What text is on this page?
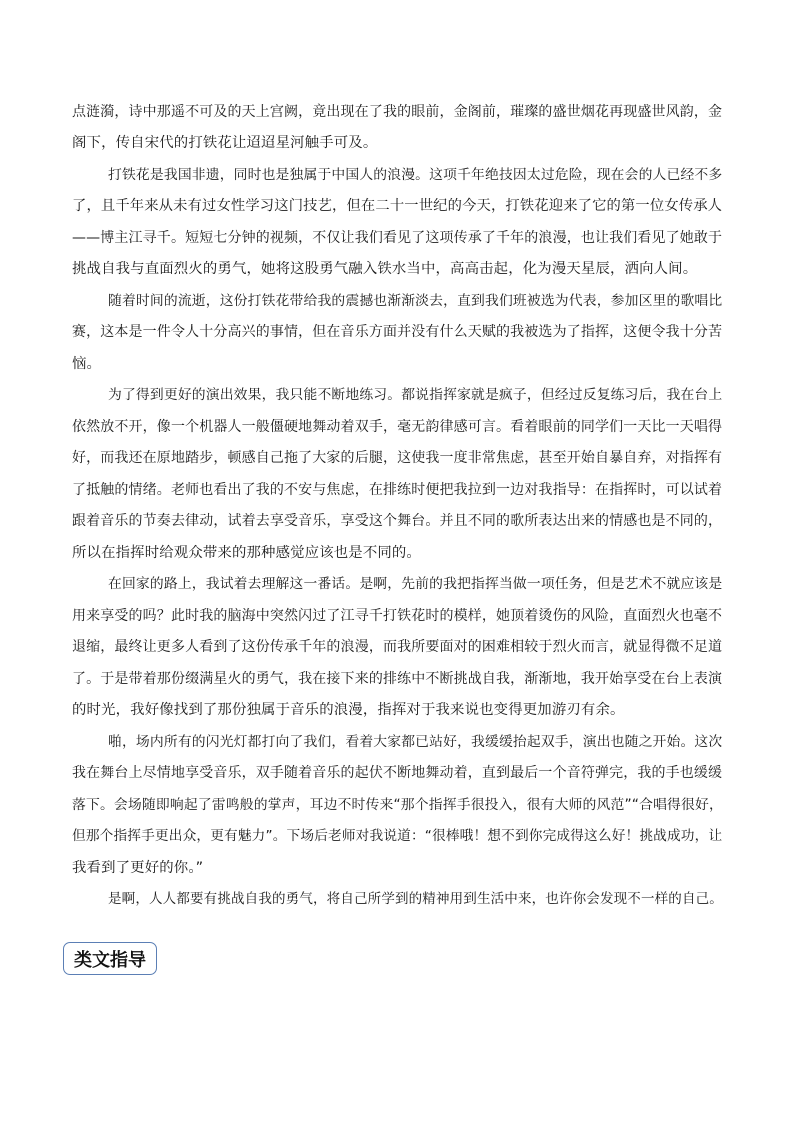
点涟漪，诗中那遥不可及的天上宫阙，竟出现在了我的眼前，金阁前，璀璨的盛世烟花再现盛世风韵，金
阁下，传自宋代的打铁花让迢迢星河触手可及。
打铁花是我国非遗，同时也是独属于中国人的浪漫。这项千年绝技因太过危险，现在会的人已经不多
了，且千年来从未有过女性学习这门技艺，但在二十一世纪的今天，打铁花迎来了它的第一位女传承人
——博主江寻千。短短七分钟的视频，不仅让我们看见了这项传承了千年的浪漫，也让我们看见了她敢于
挑战自我与直面烈火的勇气，她将这股勇气融入铁水当中，高高击起，化为漫天星辰，洒向人间。
随着时间的流逝，这份打铁花带给我的震撼也渐渐淡去，直到我们班被选为代表，参加区里的歌唱比
赛，这本是一件令人十分高兴的事情，但在音乐方面并没有什么天赋的我被选为了指挥，这便令我十分苦
恼。
为了得到更好的演出效果，我只能不断地练习。都说指挥家就是疯子，但经过反复练习后，我在台上
依然放不开，像一个机器人一般僵硬地舞动着双手，毫无韵律感可言。看着眼前的同学们一天比一天唱得
好，而我还在原地踏步，顿感自己拖了大家的后腿，这使我一度非常焦虑，甚至开始自暴自弃，对指挥有
了抵触的情绪。老师也看出了我的不安与焦虑，在排练时便把我拉到一边对我指导：在指挥时，可以试着
跟着音乐的节奏去律动，试着去享受音乐，享受这个舞台。并且不同的歌所表达出来的情感也是不同的，
所以在指挥时给观众带来的那种感觉应该也是不同的。
在回家的路上，我试着去理解这一番话。是啊，先前的我把指挥当做一项任务，但是艺术不就应该是
用来享受的吗？此时我的脑海中突然闪过了江寻千打铁花时的模样，她顶着烫伤的风险，直面烈火也毫不
退缩，最终让更多人看到了这份传承千年的浪漫，而我所要面对的困难相较于烈火而言，就显得微不足道
了。于是带着那份缀满星火的勇气，我在接下来的排练中不断挑战自我，渐渐地，我开始享受在台上表演
的时光，我好像找到了那份独属于音乐的浪漫，指挥对于我来说也变得更加游刃有余。
啪，场内所有的闪光灯都打向了我们，看着大家都已站好，我缓缓抬起双手，演出也随之开始。这次
我在舞台上尽情地享受音乐，双手随着音乐的起伏不断地舞动着，直到最后一个音符弹完，我的手也缓缓
落下。会场随即响起了雷鸣般的掌声，耳边不时传来“那个指挥手很投入，很有大师的风范”“合唱得很好，
但那个指挥手更出众，更有魅力”。下场后老师对我说道：“很棒哦！想不到你完成得这么好！挑战成功，让
我看到了更好的你。”
是啊，人人都要有挑战自我的勇气，将自己所学到的精神用到生活中来，也许你会发现不一样的自己。
类文指导
